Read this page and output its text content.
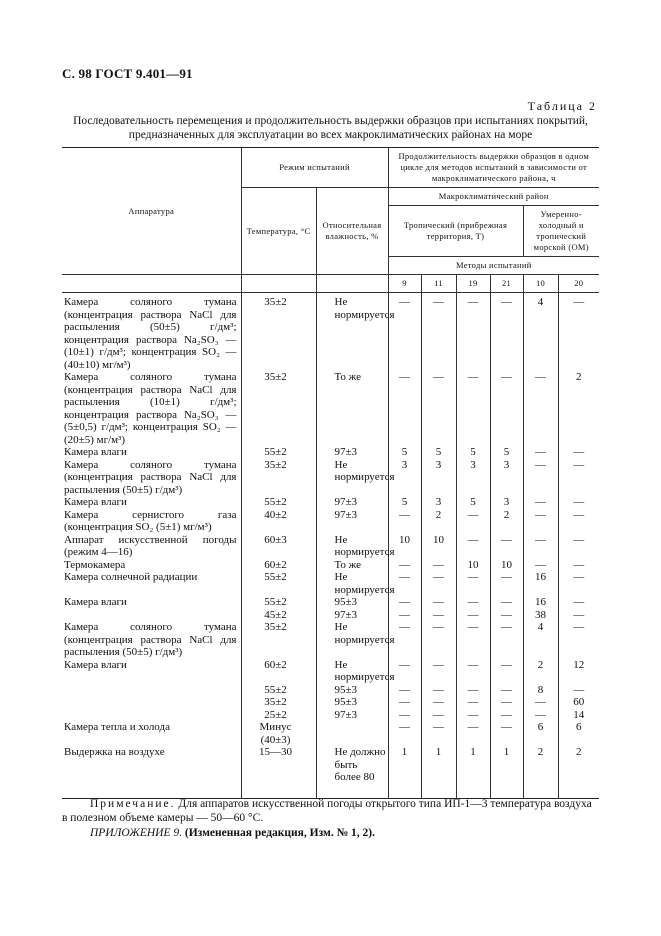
С. 98 ГОСТ 9.401—91
Таблица 2
Последовательность перемещения и продолжительность выдержки образцов при испытаниях покрытий, предназначенных для эксплуатации во всех макроклиматических районах на море
Аппаратура	Режим испытаний		Продолжительность выдержки образцов в одном цикле для методов испытаний в зависимости от макроклиматического района, ч					
	Температура, °С	Относительная влажность, %	Макроклиматический район					
			Тропический (прибрежная территория, Т)				Умеренно-холодный и тропический морской (ОМ)	
			Методы испытаний					
			9	11	19	21	10	20
Камера соляного тумана (концентрация раствора NaCl для распыления (50±5) г/дм³; концентрация раствора Na₂SO₃ — (10±1) г/дм³; концентрация SO₂ — (40±10) мг/м³)	35±2	Не нормируется	—	—	—	—	4	—
Камера соляного тумана (концентрация раствора NaCl для распыления (10±1) г/дм³; концентрация раствора Na₂SO₃ — (5±0,5) г/дм³; концентрация SO₂ — (20±5) мг/м³)	35±2	То же	—	—	—	—	—	2
Камера влаги	55±2	97±3	5	5	5	5	—	—
Камера соляного тумана (концентрация раствора NaCl для распыления (50±5) г/дм³)	35±2	Не нормируется	3	3	3	3	—	—
Камера влаги	55±2	97±3	5	3	5	3	—	—
Камера сернистого газа (концентрация SO₂ (5±1) мг/м³)	40±2	97±3	—	2	—	2	—	—
Аппарат искусственной погоды (режим 4—16)	60±3	Не нормируется	10	10	—	—	—	—
Термокамера	60±2	То же	—	—	10	10	—	—
Камера солнечной радиации	55±2	Не нормируется	—	—	—	—	16	—
Камера влаги	55±2	95±3	—	—	—	—	16	—
	45±2	97±3	—	—	—	—	38	—
Камера соляного тумана (концентрация раствора NaCl для распыления (50±5) г/дм³)	35±2	Не нормируется	—	—	—	—	4	—
Камера влаги	60±2	Не нормируется	—	—	—	—	2	12
	55±2	95±3	—	—	—	—	8	—
	35±2	95±3	—	—	—	—	—	60
	25±2	97±3	—	—	—	—	—	14
Камера тепла и холода	Минус (40±3)		—	—	—	—	6	6
Выдержка на воздухе	15—30	Не должно быть более 80	1	1	1	1	2	2
Примечание. Для аппаратов искусственной погоды открытого типа ИП-1—3 температура воздуха в полезном объеме камеры — 50—60 °С.
ПРИЛОЖЕНИЕ 9. (Измененная редакция, Изм. № 1, 2).
